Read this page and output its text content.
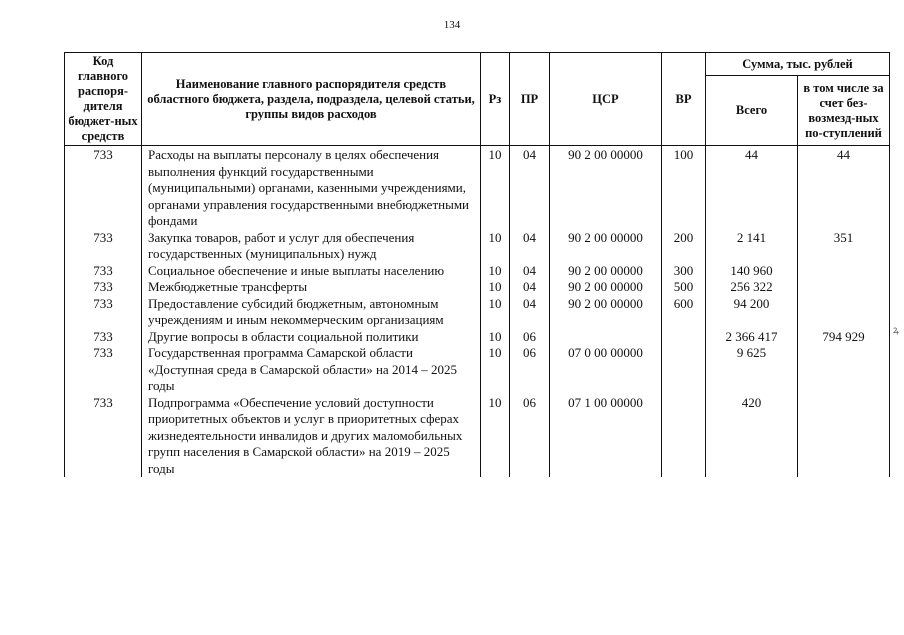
134
Код главного распоря-дителя бюджет-ных средств	Наименование главного распорядителя средств областного бюджета, раздела, подраздела, целевой статьи, группы видов расходов	Рз	ПР	ЦСР	ВР	Сумма, тыс. рублей	
						Всего	в том числе за счет без-возмезд-ных по-ступлений
733	Расходы на выплаты персоналу в целях обеспечения выполнения функций государственными (муниципальными) органами, казенными учреждениями, органами управления государственными внебюджетными фондами	10	04	90 2 00 00000	100	44	44
733	Закупка товаров, работ и услуг для обеспечения государственных (муниципальных) нужд	10	04	90 2 00 00000	200	2 141	351
733	Социальное обеспечение и иные выплаты населению	10	04	90 2 00 00000	300	140 960	
733	Межбюджетные трансферты	10	04	90 2 00 00000	500	256 322	
733	Предоставление субсидий бюджетным, автономным учреждениям и иным некоммерческим организациям	10	04	90 2 00 00000	600	94 200	
733	Другие вопросы в области социальной политики	10	06			2 366 417	794 929
733	Государственная программа Самарской области «Доступная среда в Самарской области» на 2014 – 2025 годы	10	06	07 0 00 00000		9 625	
733	Подпрограмма «Обеспечение условий доступности приоритетных объектов и услуг в приоритетных сферах жизнедеятельности инвалидов и других маломобильных групп населения в Самарской области» на 2019 – 2025 годы	10	06	07 1 00 00000		420	
ꝝ
